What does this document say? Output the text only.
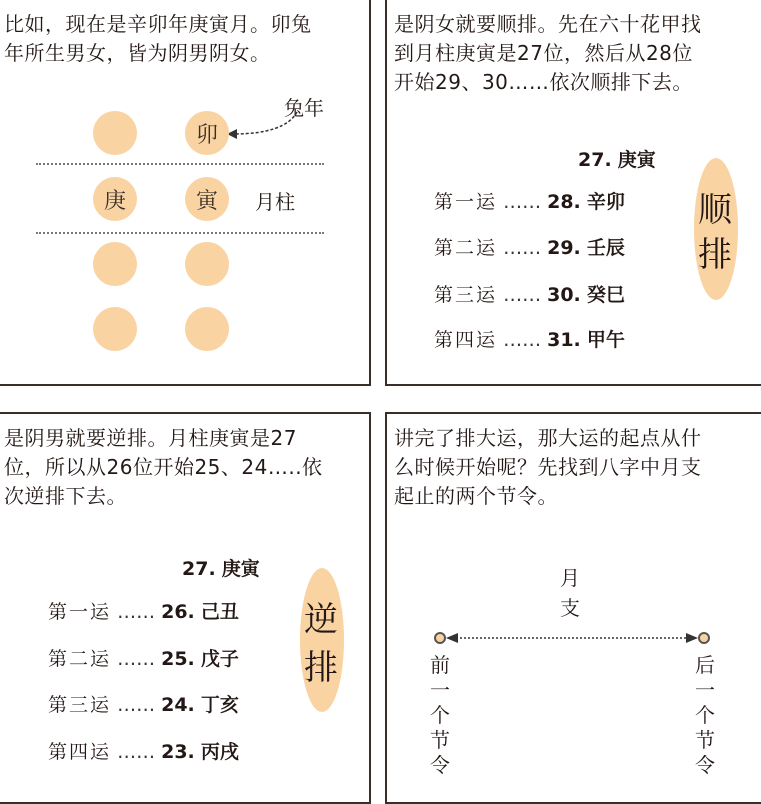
比如，现在是辛卯年庚寅月。卯兔
年所生男女，皆为阴男阴女。
兔年
卯
庚	寅	月柱
是阴女就要顺排。先在六十花甲找
到月柱庚寅是27位，然后从28位
开始29、30……依次顺排下去。
顺
排
27. 庚寅
第一运 …… 28. 辛卯
第二运 …… 29. 壬辰
第三运 …… 30. 癸巳
第四运 …… 31. 甲午
是阴男就要逆排。月柱庚寅是27
位，所以从26位开始25、24…..依
次逆排下去。
逆
排
27. 庚寅
第一运 …… 26. 己丑
第二运 …… 25. 戊子
第三运 …… 24. 丁亥
第四运 …… 23. 丙戌
讲完了排大运，那大运的起点从什
么时候开始呢？先找到八字中月支
起止的两个节令。
月
支
前
一
个
节
令
后
一
个
节
令
